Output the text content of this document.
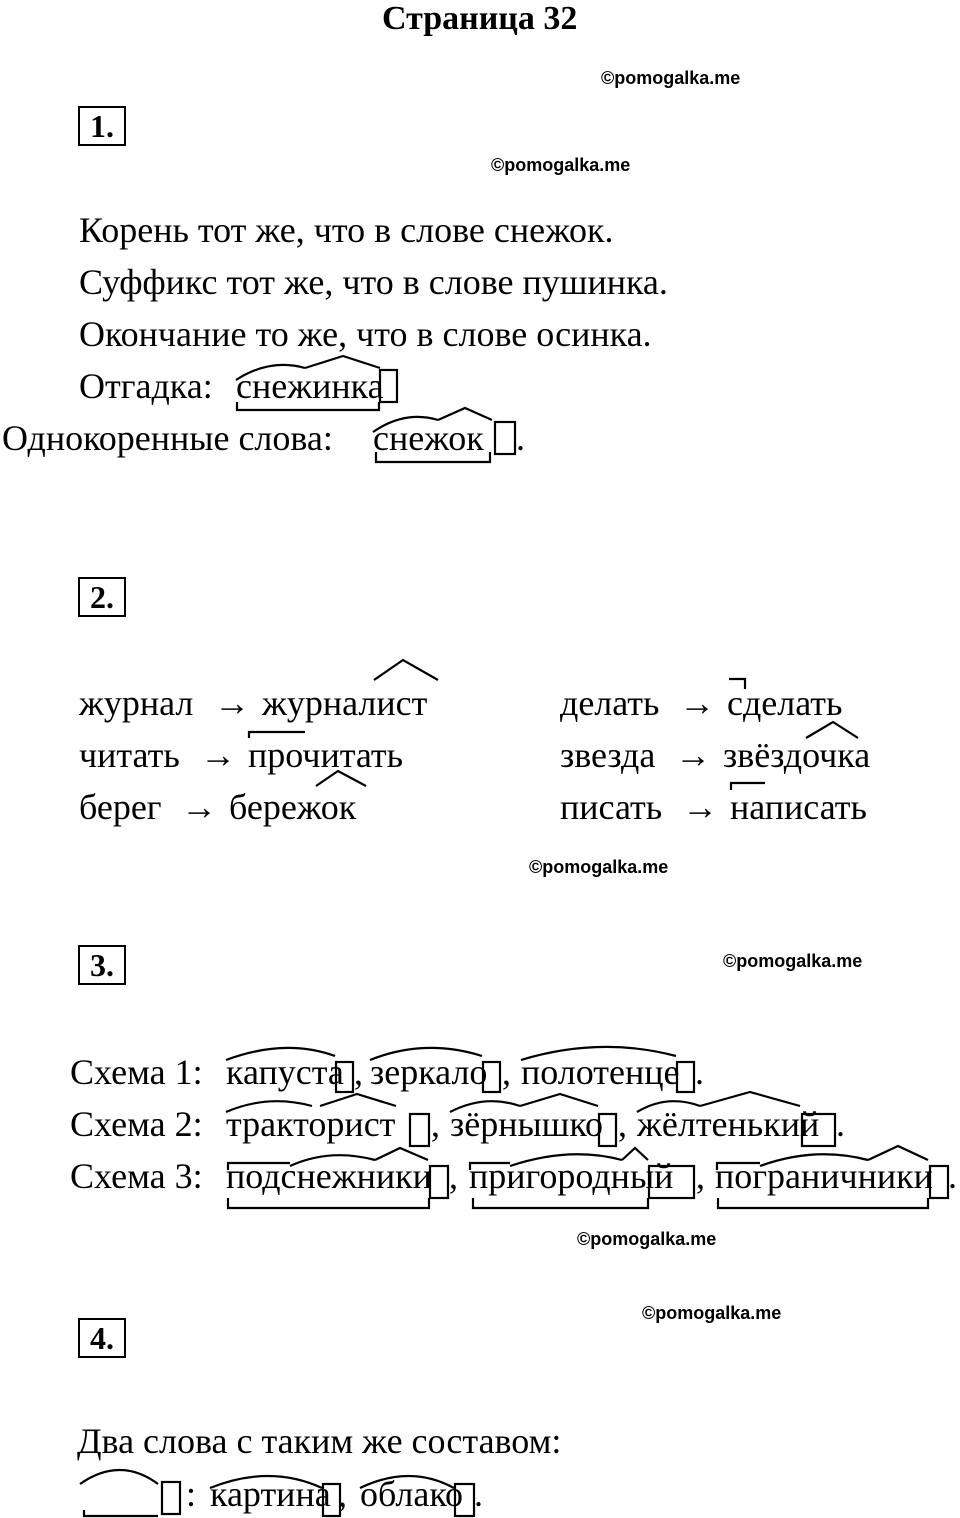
Страница 32
©pomogalka.me
©pomogalka.me
©pomogalka.me
©pomogalka.me
©pomogalka.me
©pomogalka.me
1.
Корень тот же, что в слове снежок.
Суффикс тот же, что в слове пушинка.
Окончание то же, что в слове осинка.
Отгадка: снежинка
Однокоренные слова: снежок .
2.
журнал → журналист
читать → прочитать
берег → бережок
делать → сделать
звезда → звёздочка
писать → написать
3.
Схема 1: капуста , зеркало , полотенце .
Схема 2: тракторист , зёрнышко , жёлтенький .
Схема 3: подснежники , пригородный , пограничники .
4.
Два слова с таким же составом:
: картина , облако .
